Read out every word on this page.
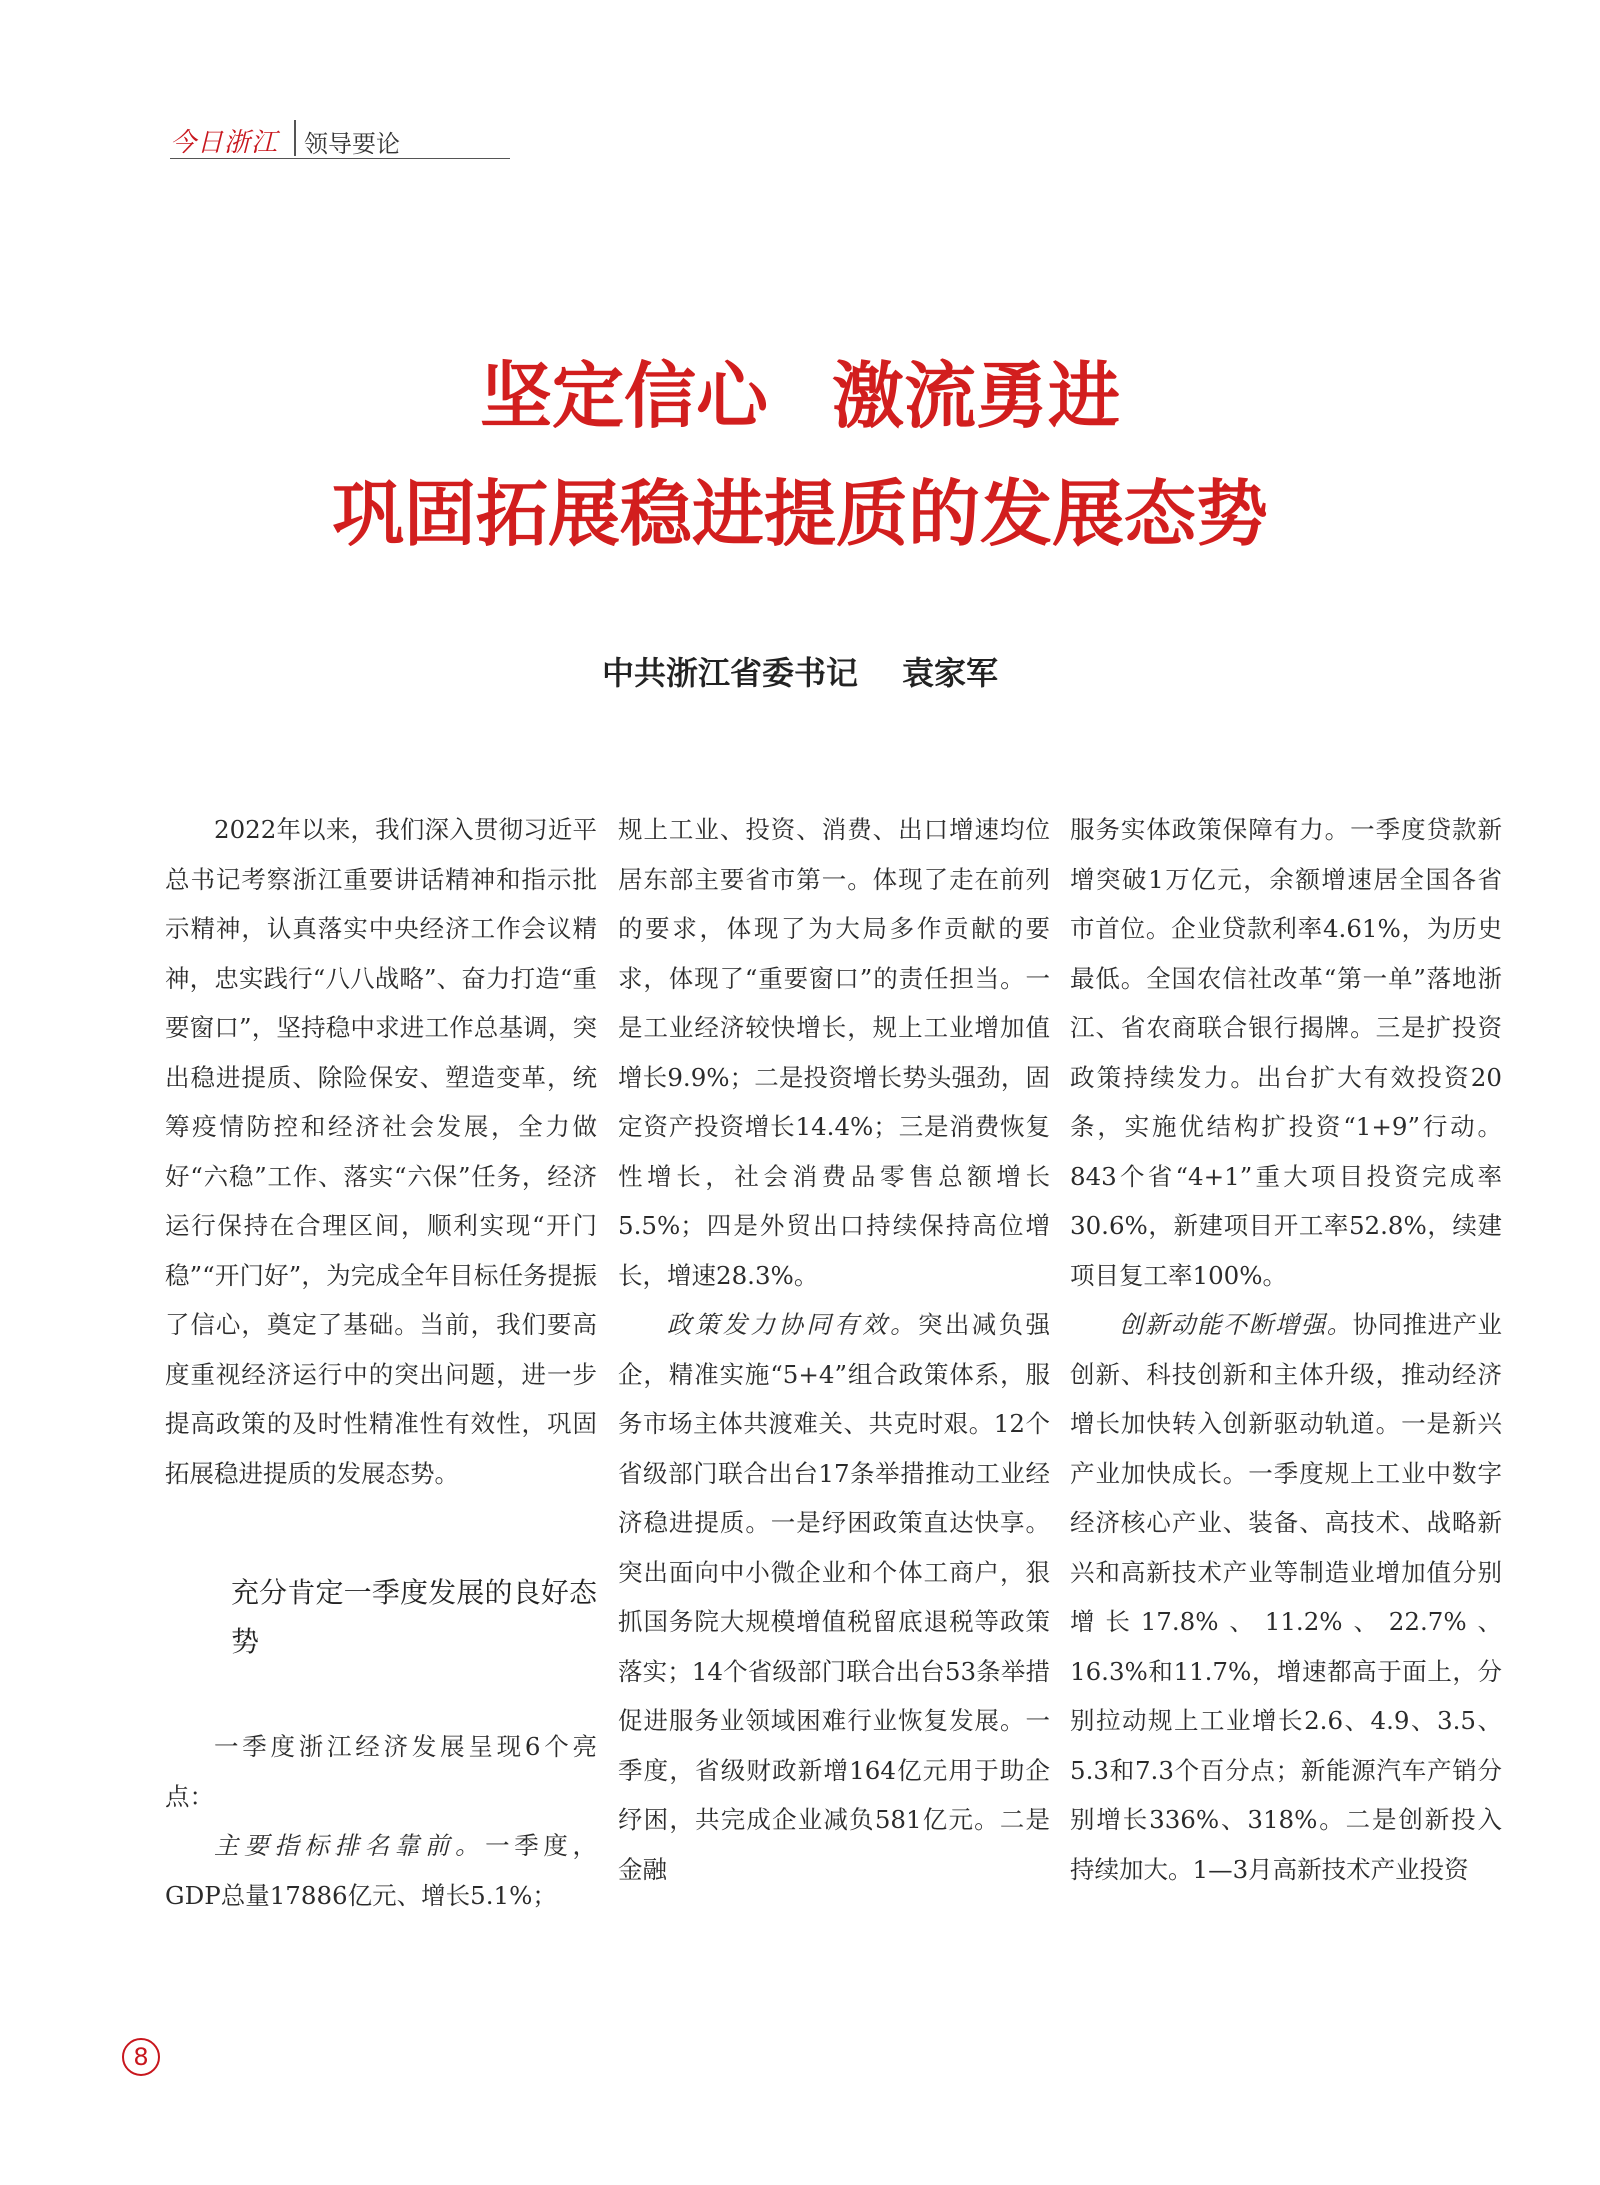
今日浙江 领导要论
坚定信心 激流勇进
巩固拓展稳进提质的发展态势
中共浙江省委书记 袁家军

2022年以来，我们深入贯彻习近平总书记考察浙江重要讲话精神和指示批示精神，认真落实中央经济工作会议精神，忠实践行“八八战略”、奋力打造“重要窗口”，坚持稳中求进工作总基调，突出稳进提质、除险保安、塑造变革，统筹疫情防控和经济社会发展，全力做好“六稳”工作、落实“六保”任务，经济运行保持在合理区间，顺利实现“开门稳”“开门好”，为完成全年目标任务提振了信心，奠定了基础。当前，我们要高度重视经济运行中的突出问题，进一步提高政策的及时性精准性有效性，巩固拓展稳进提质的发展态势。

充分肯定一季度发展的良好态势

一季度浙江经济发展呈现6个亮点：

主要指标排名靠前。一季度，GDP总量17886亿元、增长5.1%；

规上工业、投资、消费、出口增速均位居东部主要省市第一。体现了走在前列的要求，体现了为大局多作贡献的要求，体现了“重要窗口”的责任担当。一是工业经济较快增长，规上工业增加值增长9.9%；二是投资增长势头强劲，固定资产投资增长14.4%；三是消费恢复性增长，社会消费品零售总额增长5.5%；四是外贸出口持续保持高位增长，增速28.3%。

政策发力协同有效。突出减负强企，精准实施“5+4”组合政策体系，服务市场主体共渡难关、共克时艰。12个省级部门联合出台17条举措推动工业经济稳进提质。一是纾困政策直达快享。突出面向中小微企业和个体工商户，狠抓国务院大规模增值税留底退税等政策落实；14个省级部门联合出台53条举措促进服务业领域困难行业恢复发展。一季度，省级财政新增164亿元用于助企纾困，共完成企业减负581亿元。二是金融

服务实体政策保障有力。一季度贷款新增突破1万亿元，余额增速居全国各省市首位。企业贷款利率4.61%，为历史最低。全国农信社改革“第一单”落地浙江、省农商联合银行揭牌。三是扩投资政策持续发力。出台扩大有效投资20条，实施优结构扩投资“1+9”行动。843个省“4+1”重大项目投资完成率30.6%，新建项目开工率52.8%，续建项目复工率100%。

创新动能不断增强。协同推进产业创新、科技创新和主体升级，推动经济增长加快转入创新驱动轨道。一是新兴产业加快成长。一季度规上工业中数字经济核心产业、装备、高技术、战略新兴和高新技术产业等制造业增加值分别增长17.8%、11.2%、22.7%、16.3%和11.7%，增速都高于面上，分别拉动规上工业增长2.6、4.9、3.5、5.3和7.3个百分点；新能源汽车产销分别增长336%、318%。二是创新投入持续加大。1—3月高新技术产业投资

8
